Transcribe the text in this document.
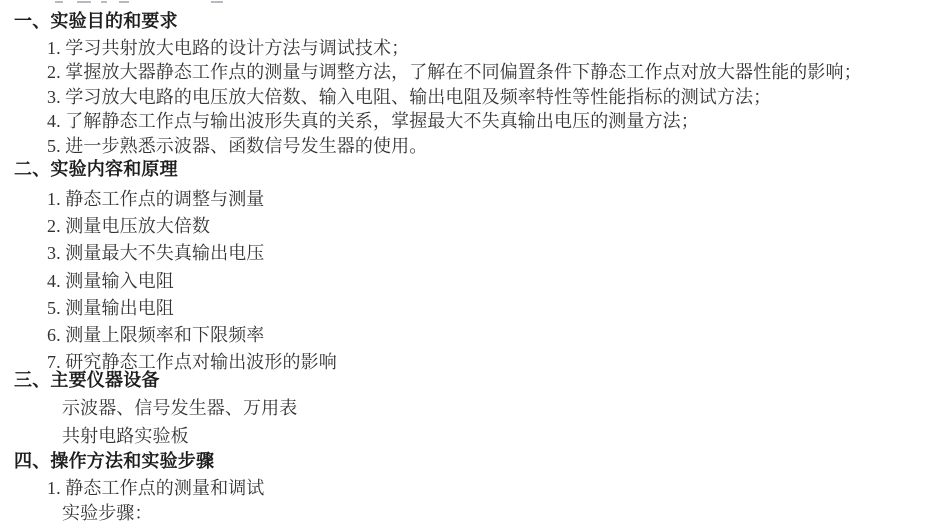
一、实验目的和要求

1. 学习共射放大电路的设计方法与调试技术；

2. 掌握放大器静态工作点的测量与调整方法，了解在不同偏置条件下静态工作点对放大器性能的影响；

3. 学习放大电路的电压放大倍数、输入电阻、输出电阻及频率特性等性能指标的测试方法；

4. 了解静态工作点与输出波形失真的关系，掌握最大不失真输出电压的测量方法；

5. 进一步熟悉示波器、函数信号发生器的使用。

二、实验内容和原理

1. 静态工作点的调整与测量

2. 测量电压放大倍数

3. 测量最大不失真输出电压

4. 测量输入电阻

5. 测量输出电阻

6. 测量上限频率和下限频率

7. 研究静态工作点对输出波形的影响

三、主要仪器设备

示波器、信号发生器、万用表

共射电路实验板

四、操作方法和实验步骤

1. 静态工作点的测量和调试

实验步骤：
